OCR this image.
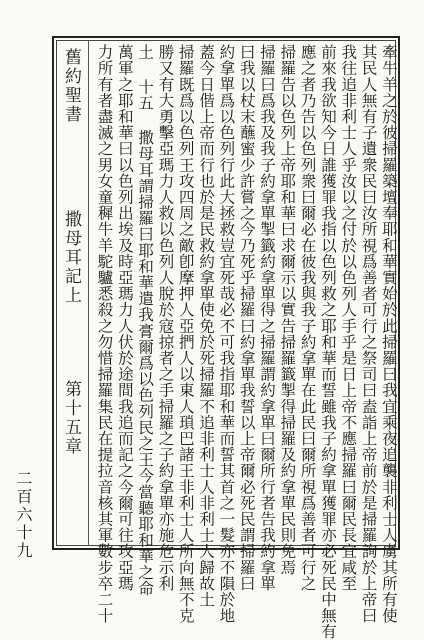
舊約聖書
撒母耳記上
第十五章
二百六十九	牽牛羊之於彼掃羅築壇奉耶和華實始於此掃羅曰我宜乘夜追襲非利士人虜其所有使
其民人無有子遺衆民曰汝所視爲善者可行之祭司曰盍詣上帝前於是掃羅詢於上帝曰
我往追非利士人乎汝以之付於以色列人手乎是日上帝不應掃羅曰爾民長宜咸至
前來我欲知今日誰獲罪我指以色列救之耶和華而誓雖我子約拿單獲罪亦必死民中無有
應之者乃告以色列衆曰爾必在彼我與我子約拿單在此民曰爾所視爲善者可行之
掃羅告以色列上帝耶和華曰求爾示以實告掃羅籤掣得掃羅及約拿單民則免焉
掃羅曰爲我及我子約拿單掣籤約拿單得之掃羅謂約拿單曰爾所行者告我約拿單
曰我以杖末蘸蜜少許嘗之今乃死乎掃羅曰約拿單我誓以上帝爾必死民謂掃羅曰
約拿單爲以色列行此大拯救豈宜死哉必不可我指耶和華而誓其首之一髮亦不隕於地
蓋今日偕上帝而行也於是民救約拿單使免於死掃羅不追非利士人非利士人歸故土
掃羅既爲以色列王攻四周之敵卽摩押人亞捫人以東人瑣巴諸王非利士人所向無不克
勝又有大勇擊亞瑪力人救以色列人脫於寇掠者之手掃羅之子約拿單亦施危示利
土 十五 撒母耳謂掃羅曰耶和華遣我膏爾爲以色列民之王今當聽耶和華之命
萬軍之耶和華曰以色列出埃及時亞瑪力人伏於途間我追而記之今爾可往攻亞瑪
力所有者盡滅之男女童穉牛羊駝驢悉殺之勿惜掃羅集民在提拉音核其軍數步卒二十
